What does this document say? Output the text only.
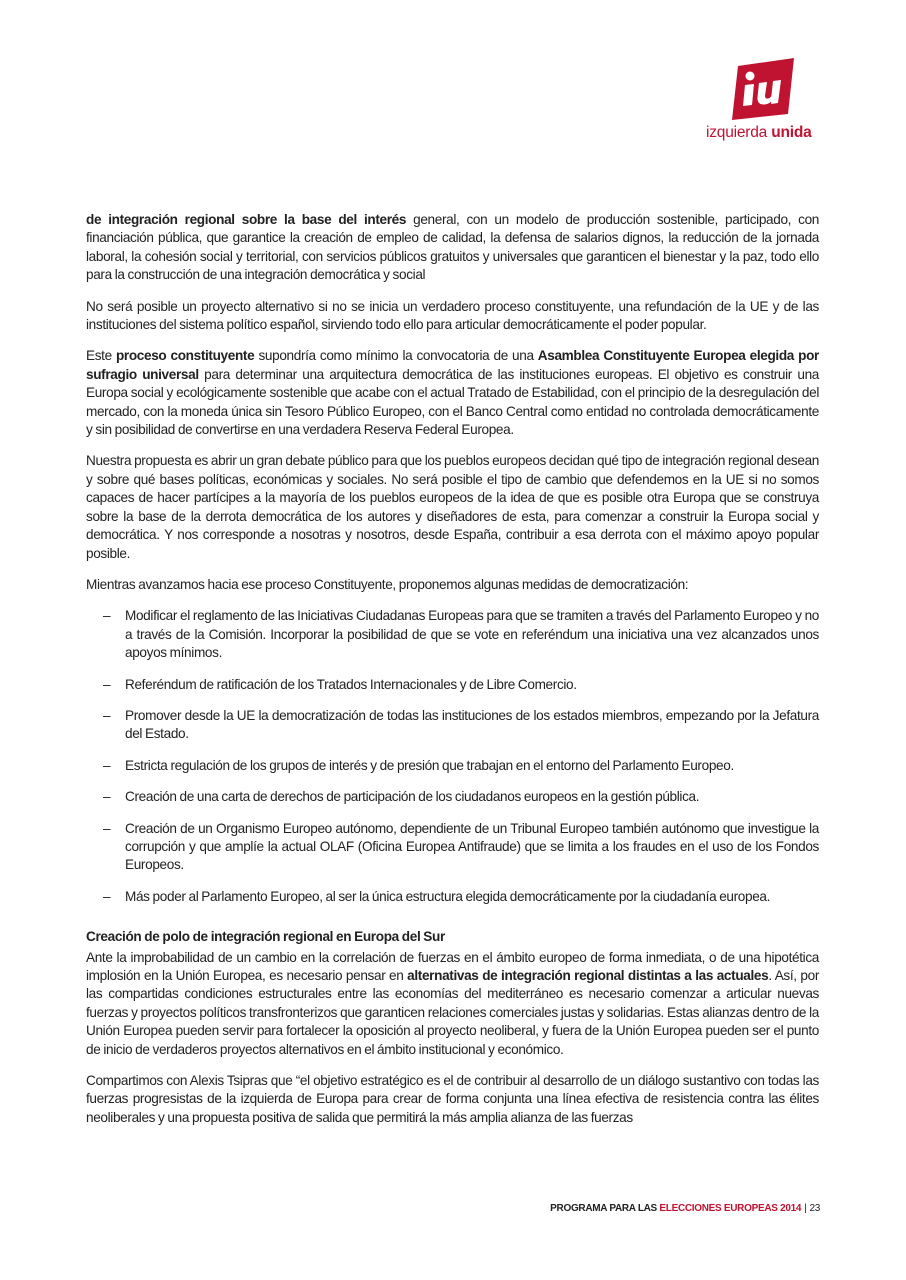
izquierda unida

de integración regional sobre la base del interés general, con un modelo de producción sostenible, participado, con financiación pública, que garantice la creación de empleo de calidad, la defensa de salarios dignos, la reducción de la jornada laboral, la cohesión social y territorial, con servicios públicos gratuitos y universales que garanticen el bienestar y la paz, todo ello para la construcción de una integración democrática y social

No será posible un proyecto alternativo si no se inicia un verdadero proceso constituyente, una refundación de la UE y de las instituciones del sistema político español, sirviendo todo ello para articular democráticamente el poder popular.

Este proceso constituyente supondría como mínimo la convocatoria de una Asamblea Constituyente Europea elegida por sufragio universal para determinar una arquitectura democrática de las instituciones europeas. El objetivo es construir una Europa social y ecológicamente sostenible que acabe con el actual Tratado de Estabilidad, con el principio de la desregulación del mercado, con la moneda única sin Tesoro Público Europeo, con el Banco Central como entidad no controlada democráticamente y sin posibilidad de convertirse en una verdadera Reserva Federal Europea.

Nuestra propuesta es abrir un gran debate público para que los pueblos europeos decidan qué tipo de integración regional desean y sobre qué bases políticas, económicas y sociales. No será posible el tipo de cambio que defendemos en la UE si no somos capaces de hacer partícipes a la mayoría de los pueblos europeos de la idea de que es posible otra Europa que se construya sobre la base de la derrota democrática de los autores y diseñadores de esta, para comenzar a construir la Europa social y democrática. Y nos corresponde a nosotras y nosotros, desde España, contribuir a esa derrota con el máximo apoyo popular posible.

Mientras avanzamos hacia ese proceso Constituyente, proponemos algunas medidas de democratización:

– Modificar el reglamento de las Iniciativas Ciudadanas Europeas para que se tramiten a través del Parlamento Europeo y no a través de la Comisión. Incorporar la posibilidad de que se vote en referéndum una iniciativa una vez alcanzados unos apoyos mínimos.
– Referéndum de ratificación de los Tratados Internacionales y de Libre Comercio.
– Promover desde la UE la democratización de todas las instituciones de los estados miembros, empezando por la Jefatura del Estado.
– Estricta regulación de los grupos de interés y de presión que trabajan en el entorno del Parlamento Europeo.
– Creación de una carta de derechos de participación de los ciudadanos europeos en la gestión pública.
– Creación de un Organismo Europeo autónomo, dependiente de un Tribunal Europeo también autónomo que investigue la corrupción y que amplíe la actual OLAF (Oficina Europea Antifraude) que se limita a los fraudes en el uso de los Fondos Europeos.
– Más poder al Parlamento Europeo, al ser la única estructura elegida democráticamente por la ciudadanía europea.
Creación de polo de integración regional en Europa del Sur

Ante la improbabilidad de un cambio en la correlación de fuerzas en el ámbito europeo de forma inmediata, o de una hipotética implosión en la Unión Europea, es necesario pensar en alternativas de integración regional distintas a las actuales. Así, por las compartidas condiciones estructurales entre las economías del mediterráneo es necesario comenzar a articular nuevas fuerzas y proyectos políticos transfronterizos que garanticen relaciones comerciales justas y solidarias. Estas alianzas dentro de la Unión Europea pueden servir para fortalecer la oposición al proyecto neoliberal, y fuera de la Unión Europea pueden ser el punto de inicio de verdaderos proyectos alternativos en el ámbito institucional y económico.

Compartimos con Alexis Tsipras que “el objetivo estratégico es el de contribuir al desarrollo de un diálogo sustantivo con todas las fuerzas progresistas de la izquierda de Europa para crear de forma conjunta una línea efectiva de resistencia contra las élites neoliberales y una propuesta positiva de salida que permitirá la más amplia alianza de las fuerzas

PROGRAMA PARA LAS ELECCIONES EUROPEAS 2014 | 23
